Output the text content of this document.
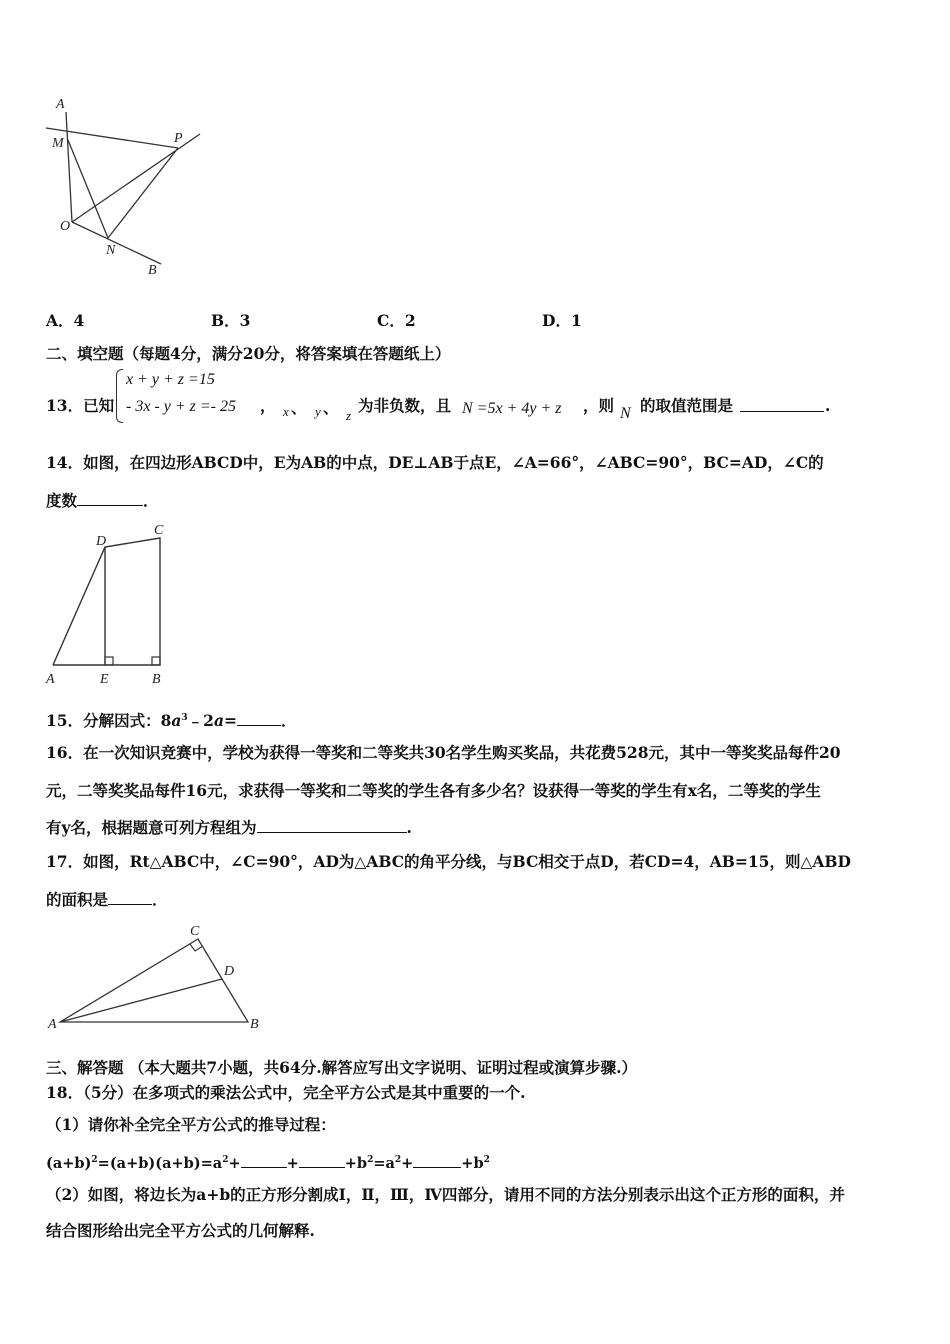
A
M	P
O
N
B
A．4	B．3	C．2	D．1
二、填空题（每题4分，满分20分，将答案填在答题纸上）
13．已知
x + y + z =15
- 3x - y + z =- 25 ， x 、 y 、 z
为非负数，且 N =5x + 4y + z ，则 N 的取值范围是	.
14．如图，在四边形ABCD中，E为AB的中点，DE⊥AB于点E，∠A=66°，∠ABC=90°，BC=AD，∠C的
度数	．
D
C
A	E	B
15．分解因式：$8a^3﹣2a=$	．
16．在一次知识竞赛中，学校为获得一等奖和二等奖共30名学生购买奖品，共花费528元，其中一等奖奖品每件20
元，二等奖奖品每件16元，求获得一等奖和二等奖的学生各有多少名？设获得一等奖的学生有x名，二等奖的学生
有y名，根据题意可列方程组为	.
17．如图，Rt△ABC中，∠C=90°，AD为△ABC的角平分线，与BC相交于点D，若CD=4，AB=15，则△ABD
的面积是	．
C
D
A	B
三、解答题 （本大题共7小题，共64分.解答应写出文字说明、证明过程或演算步骤.）
18．（5分）在多项式的乘法公式中，完全平方公式是其中重要的一个.
（1）请你补全完全平方公式的推导过程：
$(a+b)^2=(a+b)(a+b)=a^2+$	+	$+b^2=a^2+$	$+b^2$
（2）如图，将边长为a+b的正方形分割成Ⅰ，Ⅱ，Ⅲ，Ⅳ四部分，请用不同的方法分别表示出这个正方形的面积，并
结合图形给出完全平方公式的几何解释.
